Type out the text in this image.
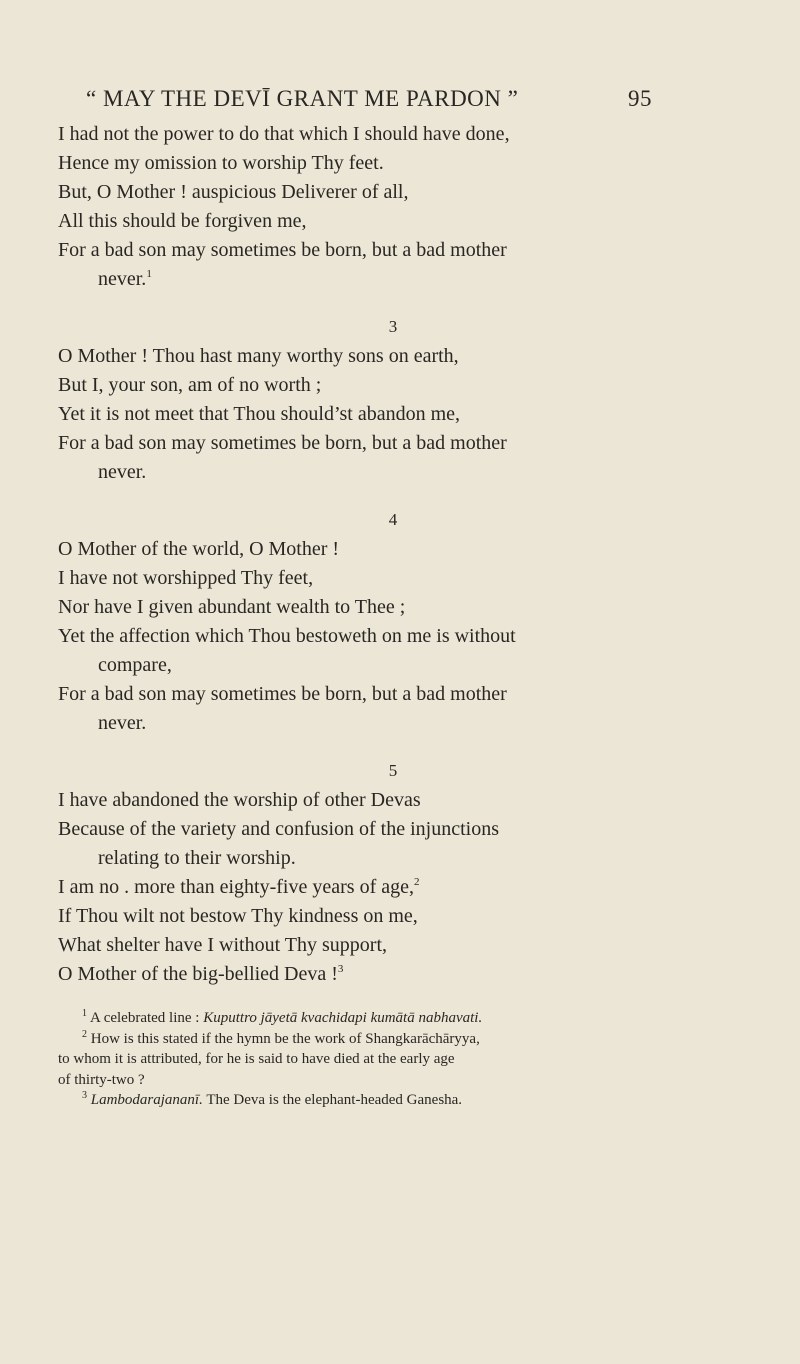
“ MAY THE DEVĪ GRANT ME PARDON ”	95
I had not the power to do that which I should have done,
Hence my omission to worship Thy feet.
But, O Mother ! auspicious Deliverer of all,
All this should be forgiven me,
For a bad son may sometimes be born, but a bad mother
never.$^1$
3
O Mother ! Thou hast many worthy sons on earth,
But I, your son, am of no worth ;
Yet it is not meet that Thou should’st abandon me,
For a bad son may sometimes be born, but a bad mother
never.
4
O Mother of the world, O Mother !
I have not worshipped Thy feet,
Nor have I given abundant wealth to Thee ;
Yet the affection which Thou bestoweth on me is without
compare,
For a bad son may sometimes be born, but a bad mother
never.
5
I have abandoned the worship of other Devas
Because of the variety and confusion of the injunctions
relating to their worship.
I am no . more than eighty-five years of age,$^2$
If Thou wilt not bestow Thy kindness on me,
What shelter have I without Thy support,
O Mother of the big-bellied Deva !$^3$
$^1$ A celebrated line : Kuputtro jāyetā kvachidapi kumātā nabhavati.
$^2$ How is this stated if the hymn be the work of Shangkarāchāryya,
to whom it is attributed, for he is said to have died at the early age
of thirty-two ?
$^3$ Lambodarajananī. The Deva is the elephant-headed Ganesha.
